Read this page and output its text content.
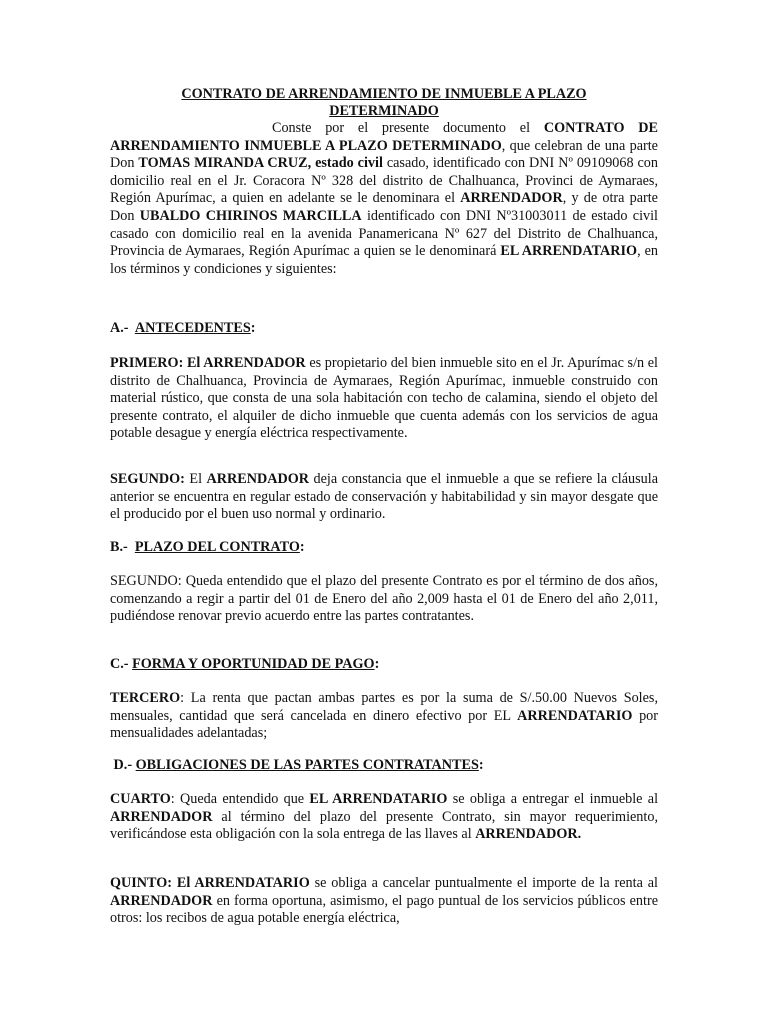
CONTRATO DE ARRENDAMIENTO DE INMUEBLE A PLAZO
DETERMINADO

Conste por el presente documento el CONTRATO DE ARRENDAMIENTO INMUEBLE A PLAZO DETERMINADO, que celebran de una parte Don TOMAS MIRANDA CRUZ, estado civil casado, identificado con DNI Nº 09109068 con domicilio real en el Jr. Coracora Nº 328 del distrito de Chalhuanca, Provinci de Aymaraes, Región Apurímac, a quien en adelante se le denominara el ARRENDADOR, y de otra parte Don UBALDO CHIRINOS MARCILLA identificado con DNI Nº31003011 de estado civil casado con domicilio real en la avenida Panamericana Nº 627 del Distrito de Chalhuanca, Provincia de Aymaraes, Región Apurímac a quien se le denominará EL ARRENDATARIO, en los términos y condiciones y siguientes:

A.-  ANTECEDENTES:

PRIMERO: El ARRENDADOR es propietario del bien inmueble sito en el Jr. Apurímac s/n el distrito de Chalhuanca, Provincia de Aymaraes, Región Apurímac, inmueble construido con material rústico, que consta de una sola habitación con techo de calamina, siendo el objeto del presente contrato, el alquiler de dicho inmueble que cuenta además con los servicios de agua potable desague y energía eléctrica respectivamente.

SEGUNDO: El ARRENDADOR deja constancia que el inmueble a que se refiere la cláusula anterior se encuentra en regular estado de conservación y habitabilidad y sin mayor desgate que el producido por el buen uso normal y ordinario.

B.-  PLAZO DEL CONTRATO:

SEGUNDO: Queda entendido que el plazo del presente Contrato es por el término de dos años, comenzando a regir a partir del 01 de Enero del año 2,009 hasta el 01 de Enero del año 2,011, pudiéndose renovar previo acuerdo entre las partes contratantes.

C.- FORMA Y OPORTUNIDAD DE PAGO:

TERCERO: La renta que pactan ambas partes es por la suma de S/.50.00 Nuevos Soles, mensuales, cantidad que será cancelada en dinero efectivo por EL ARRENDATARIO por mensualidades adelantadas;

D.- OBLIGACIONES DE LAS PARTES CONTRATANTES:

CUARTO: Queda entendido que EL ARRENDATARIO se obliga a entregar el inmueble al ARRENDADOR al término del plazo del presente Contrato, sin mayor requerimiento, verificándose esta obligación con la sola entrega de las llaves al ARRENDADOR.

QUINTO: El ARRENDATARIO se obliga a cancelar puntualmente el importe de la renta al ARRENDADOR en forma oportuna, asimismo, el pago puntual de los servicios públicos entre otros: los recibos de agua potable energía eléctrica,
